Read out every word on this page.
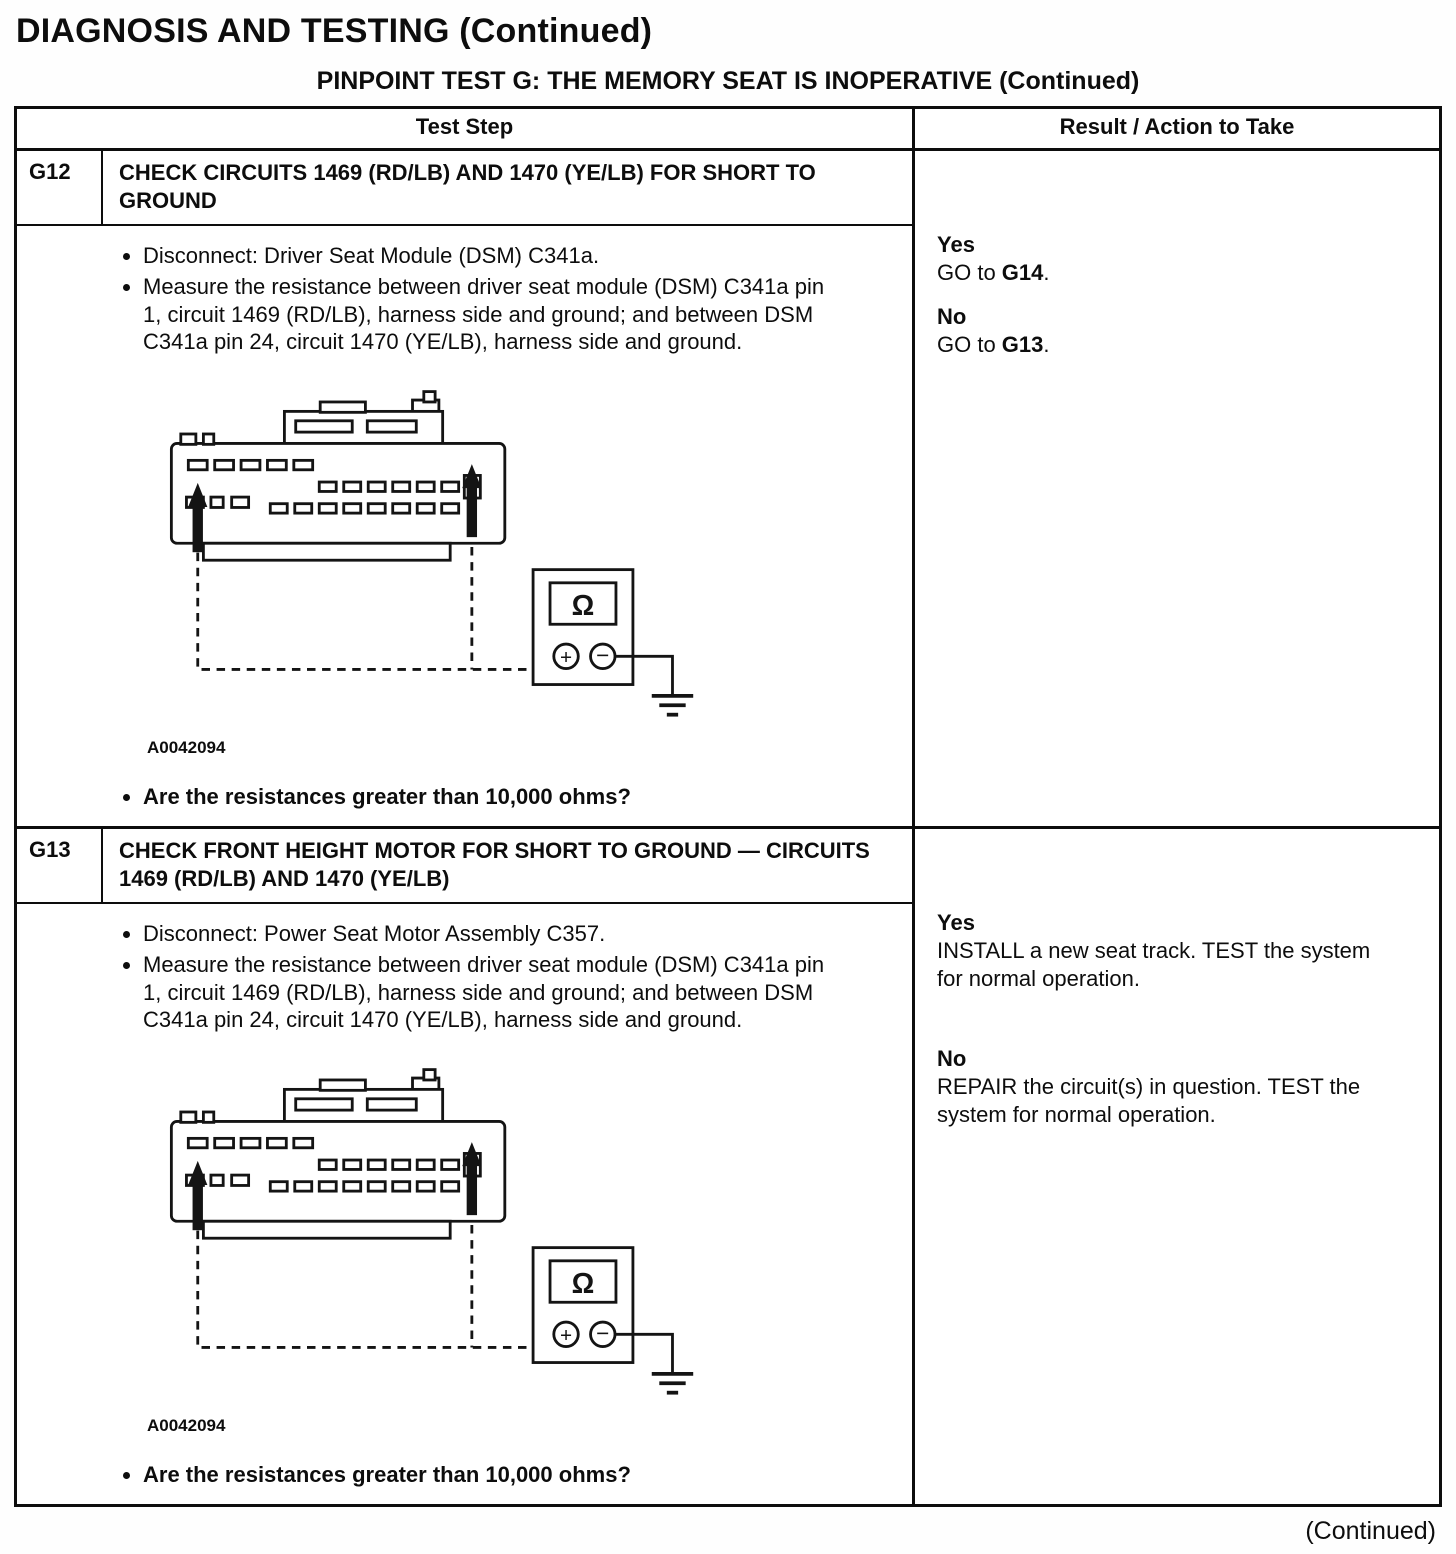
DIAGNOSIS AND TESTING (Continued)
PINPOINT TEST G: THE MEMORY SEAT IS INOPERATIVE (Continued)
Test Step	Result / Action to Take
G12	CHECK CIRCUITS 1469 (RD/LB) AND 1470 (YE/LB) FOR SHORT TO GROUND
• Disconnect: Driver Seat Module (DSM) C341a.
• Measure the resistance between driver seat module (DSM) C341a pin 1, circuit 1469 (RD/LB), harness side and ground; and between DSM C341a pin 24, circuit 1470 (YE/LB), harness side and ground.
Ω
+ −
A0042094
• Are the resistances greater than 10,000 ohms?
Yes
GO to G14.
No
GO to G13.
G13	CHECK FRONT HEIGHT MOTOR FOR SHORT TO GROUND — CIRCUITS 1469 (RD/LB) AND 1470 (YE/LB)
• Disconnect: Power Seat Motor Assembly C357.
• Measure the resistance between driver seat module (DSM) C341a pin 1, circuit 1469 (RD/LB), harness side and ground; and between DSM C341a pin 24, circuit 1470 (YE/LB), harness side and ground.
Ω
+ −
A0042094
• Are the resistances greater than 10,000 ohms?
Yes
INSTALL a new seat track. TEST the system for normal operation.
No
REPAIR the circuit(s) in question. TEST the system for normal operation.
(Continued)
